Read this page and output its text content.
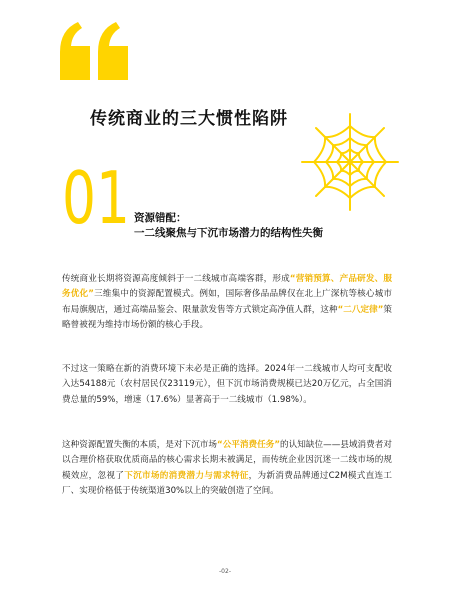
传统商业的三大惯性陷阱
01 资源错配：
一二线聚焦与下沉市场潜力的结构性失衡
传统商业长期将资源高度倾斜于一二线城市高端客群，形成“营销预算、产品研发、服务优化”三维集中的资源配置模式。例如，国际奢侈品品牌仅在北上广深杭等核心城市布局旗舰店，通过高端品鉴会、限量款发售等方式锁定高净值人群，这种“二八定律”策略曾被视为维持市场份额的核心手段。
不过这一策略在新的消费环境下未必是正确的选择。2024年一二线城市人均可支配收入达54188元（农村居民仅23119元），但下沉市场消费规模已达20万亿元，占全国消费总量的59%，增速（17.6%）显著高于一二线城市（1.98%）。
这种资源配置失衡的本质，是对下沉市场“公平消费任务”的认知缺位——县域消费者对以合理价格获取优质商品的核心需求长期未被满足，而传统企业因沉迷一二线市场的规模效应，忽视了下沉市场的消费潜力与需求特征，为新消费品牌通过C2M模式直连工厂、实现价格低于传统渠道30%以上的突破创造了空间。
-02-
